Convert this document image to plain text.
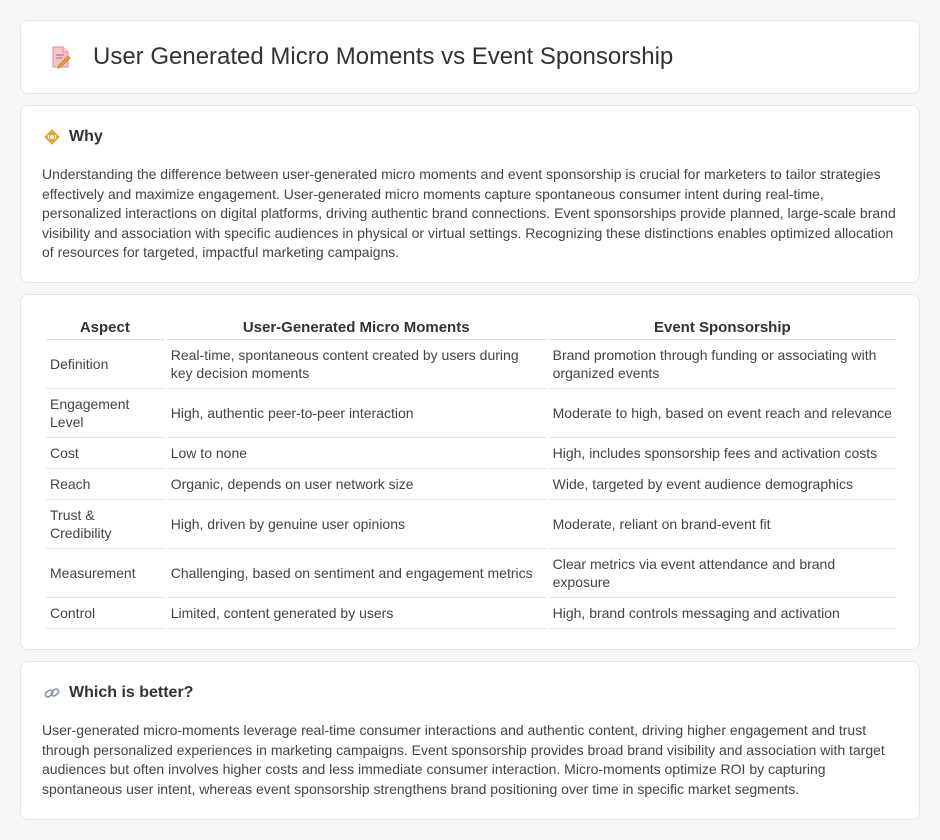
User Generated Micro Moments vs Event Sponsorship
Why

Understanding the difference between user-generated micro moments and event sponsorship is crucial for marketers to tailor strategies effectively and maximize engagement. User-generated micro moments capture spontaneous consumer intent during real-time, personalized interactions on digital platforms, driving authentic brand connections. Event sponsorships provide planned, large-scale brand visibility and association with specific audiences in physical or virtual settings. Recognizing these distinctions enables optimized allocation of resources for targeted, impactful marketing campaigns.

Aspect	User-Generated Micro Moments	Event Sponsorship
Definition	Real-time, spontaneous content created by users during key decision moments	Brand promotion through funding or associating with organized events
Engagement Level	High, authentic peer-to-peer interaction	Moderate to high, based on event reach and relevance
Cost	Low to none	High, includes sponsorship fees and activation costs
Reach	Organic, depends on user network size	Wide, targeted by event audience demographics
Trust & Credibility	High, driven by genuine user opinions	Moderate, reliant on brand-event fit
Measurement	Challenging, based on sentiment and engagement metrics	Clear metrics via event attendance and brand exposure
Control	Limited, content generated by users	High, brand controls messaging and activation
Which is better?

User-generated micro-moments leverage real-time consumer interactions and authentic content, driving higher engagement and trust through personalized experiences in marketing campaigns. Event sponsorship provides broad brand visibility and association with target audiences but often involves higher costs and less immediate consumer interaction. Micro-moments optimize ROI by capturing spontaneous user intent, whereas event sponsorship strengthens brand positioning over time in specific market segments.
